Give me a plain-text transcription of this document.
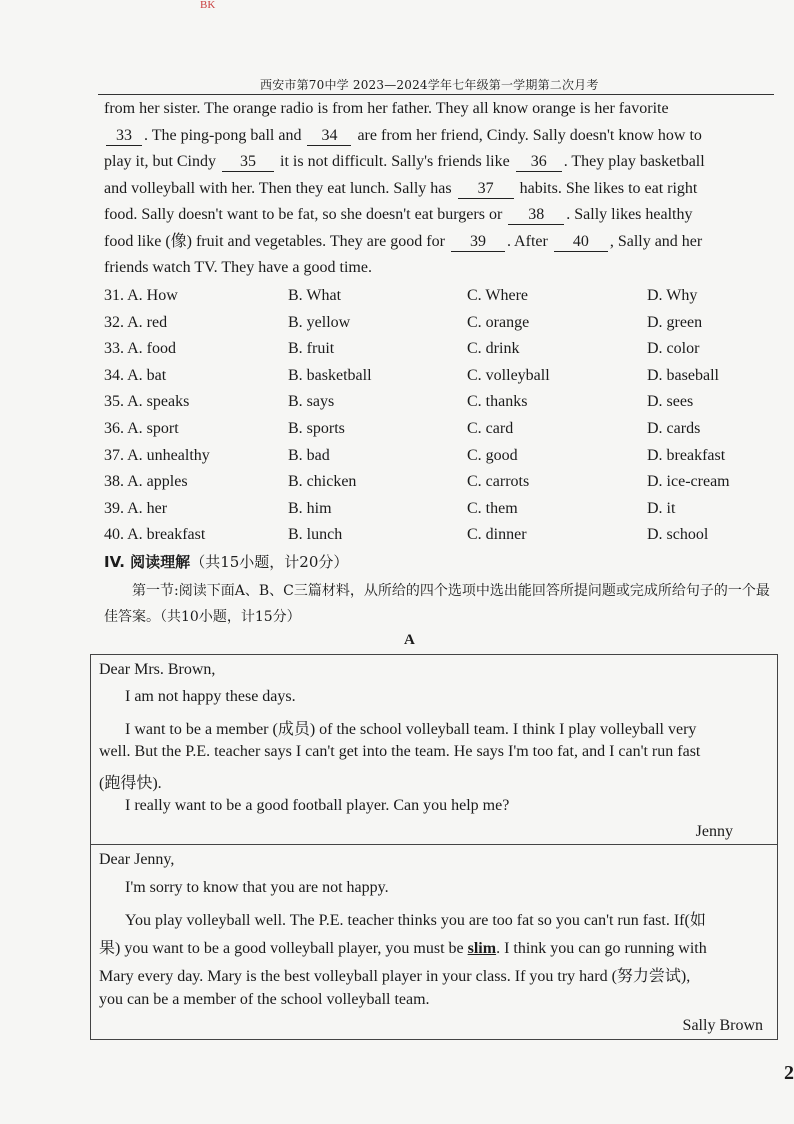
BK
西安市第70中学 2023—2024学年七年级第一学期第二次月考
from her sister. The orange radio is from her father. They all know orange is her favorite
33 . The ping-pong ball and 34 are from her friend, Cindy. Sally doesn't know how to
play it, but Cindy 35 it is not difficult. Sally's friends like 36 . They play basketball
and volleyball with her. Then they eat lunch. Sally has 37 habits. She likes to eat right
food. Sally doesn't want to be fat, so she doesn't eat burgers or 38 . Sally likes healthy
food like (像) fruit and vegetables. They are good for 39 . After 40 , Sally and her
friends watch TV. They have a good time.
31. A. How	B. What	C. Where	D. Why
32. A. red	B. yellow	C. orange	D. green
33. A. food	B. fruit	C. drink	D. color
34. A. bat	B. basketball	C. volleyball	D. baseball
35. A. speaks	B. says	C. thanks	D. sees
36. A. sport	B. sports	C. card	D. cards
37. A. unhealthy	B. bad	C. good	D. breakfast
38. A. apples	B. chicken	C. carrots	D. ice-cream
39. A. her	B. him	C. them	D. it
40. A. breakfast	B. lunch	C. dinner	D. school
IV. 阅读理解（共15小题，计20分）
第一节:阅读下面A、B、C三篇材料，从所给的四个选项中选出能回答所提问题或完成所给句子的一个最佳答案。（共10小题，计15分）
A
Dear Mrs. Brown,
I am not happy these days.
I want to be a member (成员) of the school volleyball team. I think I play volleyball very
well. But the P.E. teacher says I can't get into the team. He says I'm too fat, and I can't run fast
(跑得快).
I really want to be a good football player. Can you help me?
Jenny
Dear Jenny,
I'm sorry to know that you are not happy.
You play volleyball well. The P.E. teacher thinks you are too fat so you can't run fast. If(如
果) you want to be a good volleyball player, you must be slim. I think you can go running with
Mary every day. Mary is the best volleyball player in your class. If you try hard (努力尝试),
you can be a member of the school volleyball team.
Sally Brown
2
